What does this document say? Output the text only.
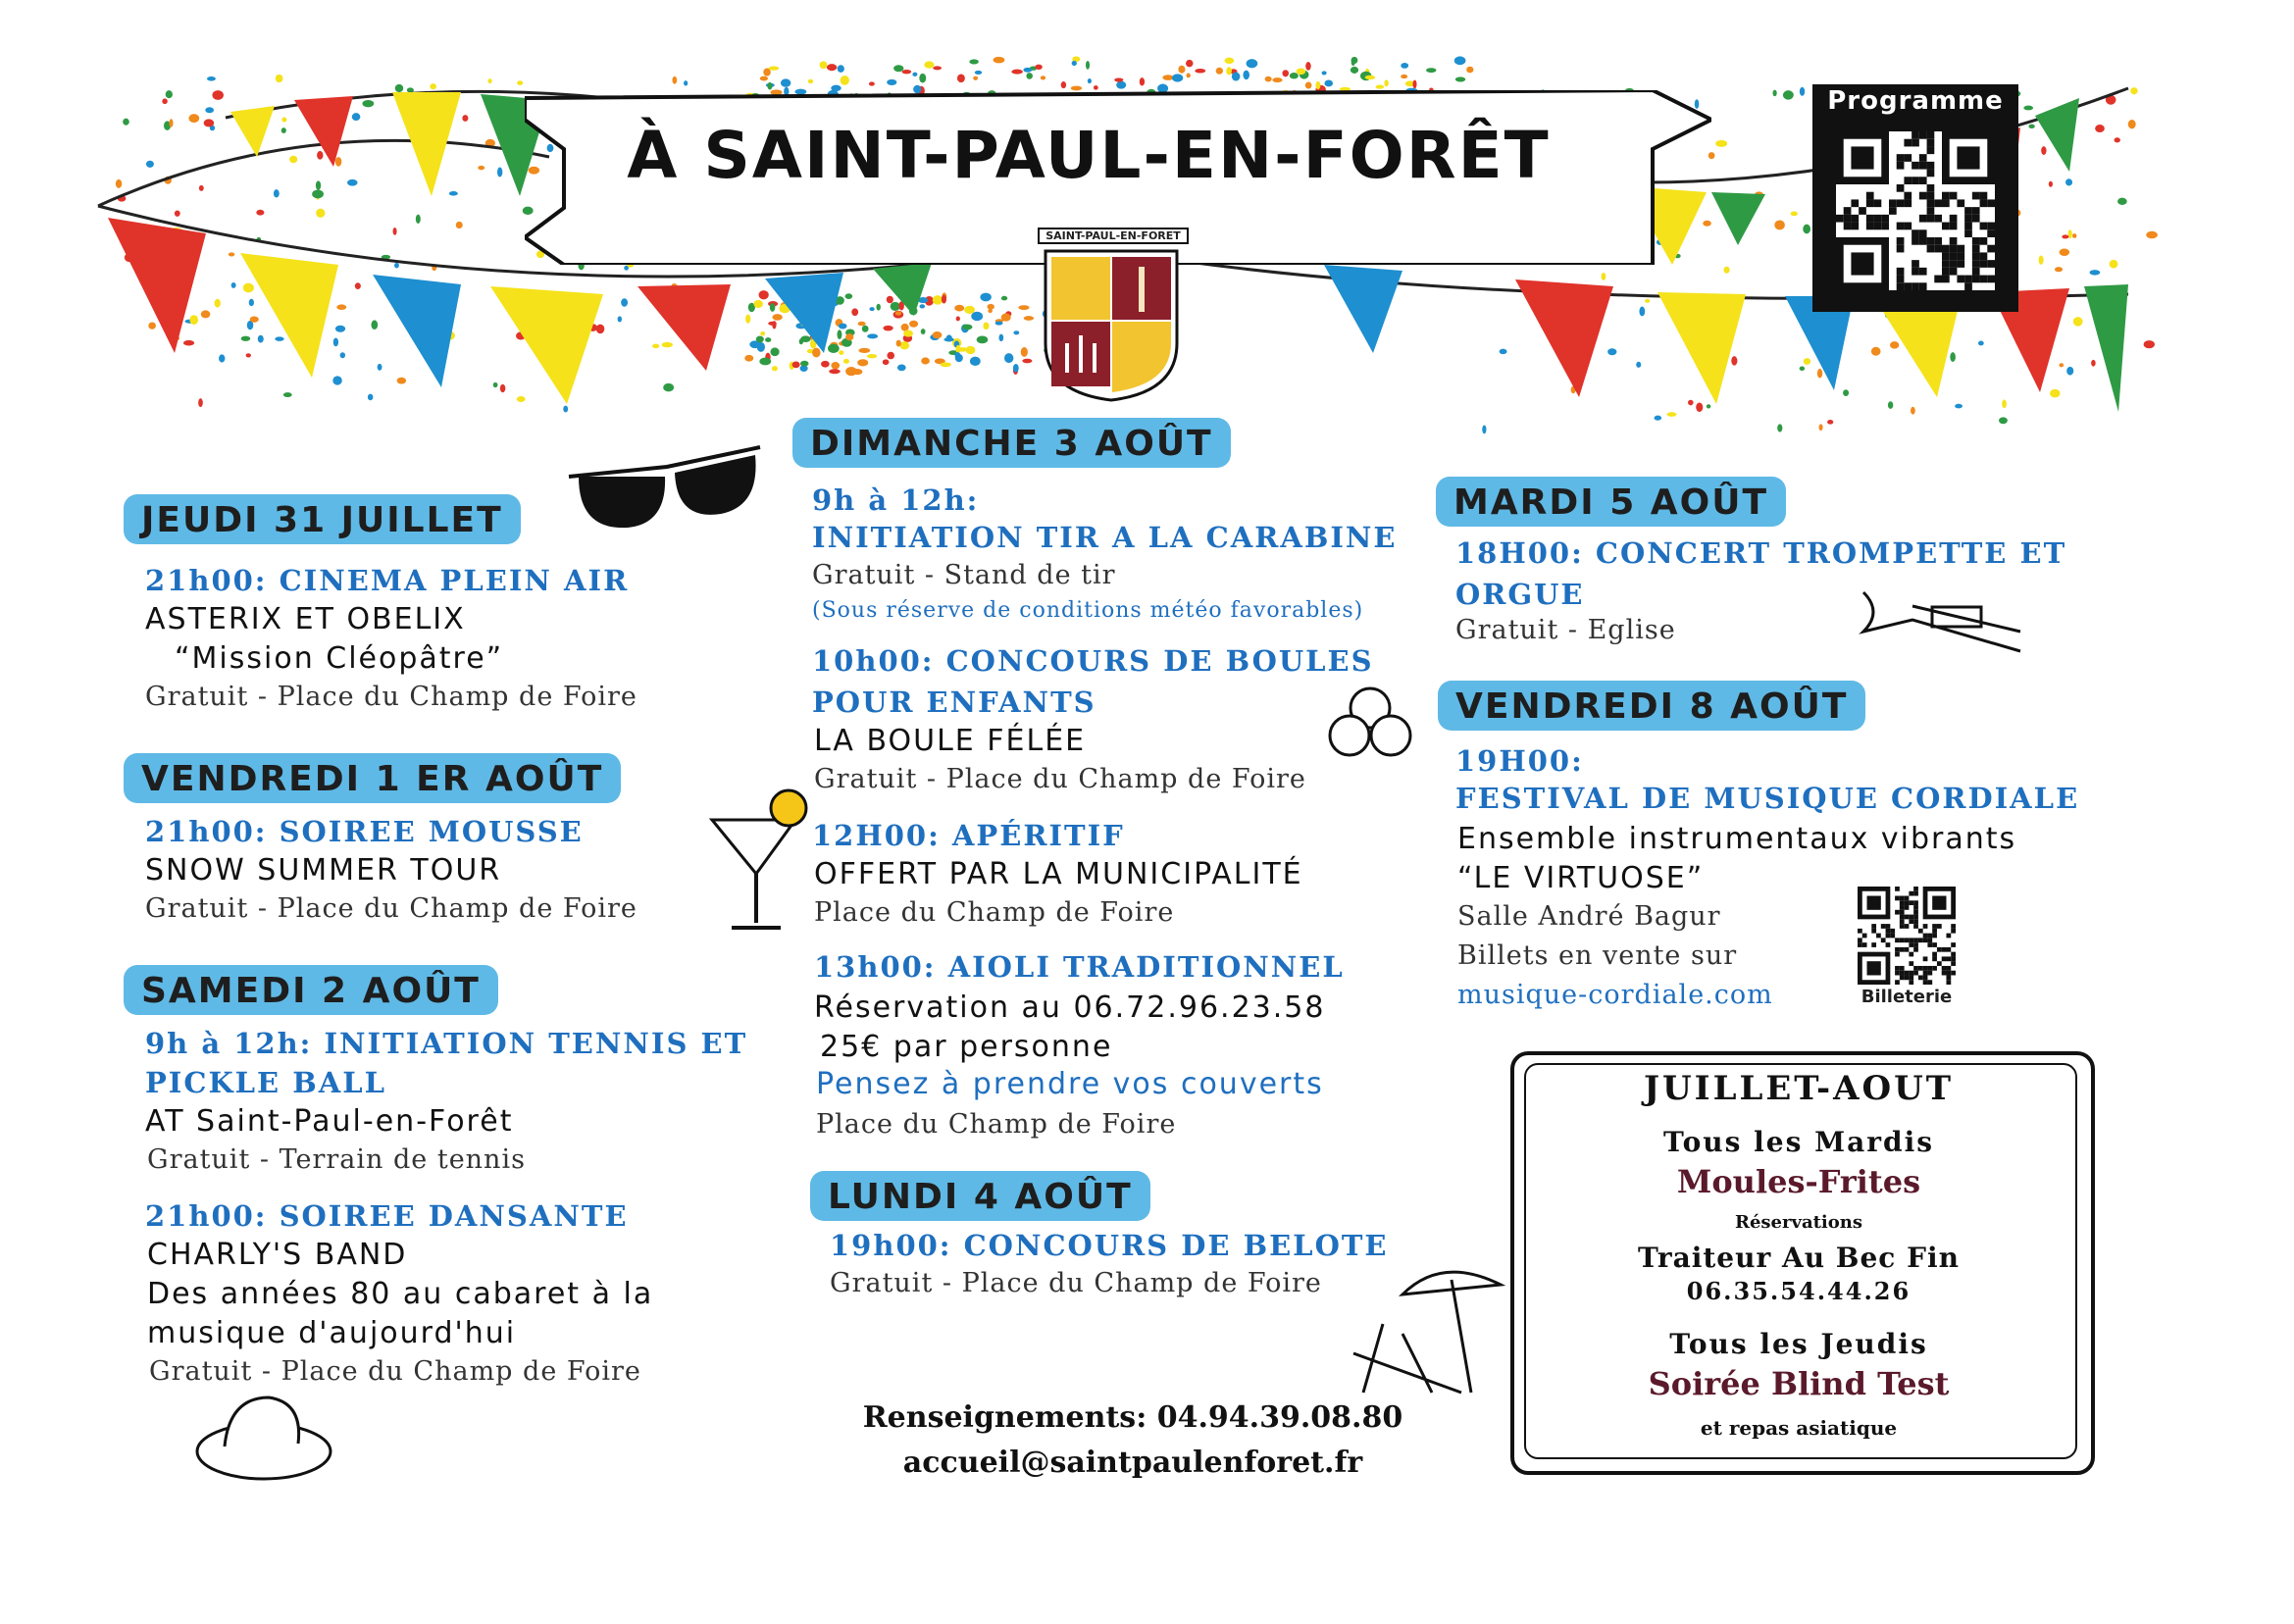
À SAINT-PAUL-EN-FORÊT
SAINT-PAUL-EN-FORET
Programme
JEUDI 31 JUILLET
21h00: CINEMA PLEIN AIR
ASTERIX ET OBELIX
“Mission Cléopâtre”
Gratuit - Place du Champ de Foire
VENDREDI 1 ER AOÛT
21h00: SOIREE MOUSSE
SNOW SUMMER TOUR
Gratuit - Place du Champ de Foire
SAMEDI 2 AOÛT
9h à 12h: INITIATION TENNIS ET
PICKLE BALL
AT Saint-Paul-en-Forêt
Gratuit - Terrain de tennis
21h00: SOIREE DANSANTE
CHARLY'S BAND
Des années 80 au cabaret à la
musique d'aujourd'hui
Gratuit - Place du Champ de Foire
DIMANCHE 3 AOÛT
9h à 12h:
INITIATION TIR A LA CARABINE
Gratuit - Stand de tir
(Sous réserve de conditions météo favorables)
10h00: CONCOURS DE BOULES
POUR ENFANTS
LA BOULE FÉLÉE
Gratuit - Place du Champ de Foire
12H00: APÉRITIF
OFFERT PAR LA MUNICIPALITÉ
Place du Champ de Foire
13h00: AIOLI TRADITIONNEL
Réservation au 06.72.96.23.58
25€ par personne
Pensez à prendre vos couverts
Place du Champ de Foire
LUNDI 4 AOÛT
19h00: CONCOURS DE BELOTE
Gratuit - Place du Champ de Foire
MARDI 5 AOÛT
18H00: CONCERT TROMPETTE ET
ORGUE
Gratuit - Eglise
VENDREDI 8 AOÛT
19H00:
FESTIVAL DE MUSIQUE CORDIALE
Ensemble instrumentaux vibrants
“LE VIRTUOSE”
Salle André Bagur
Billets en vente sur
musique-cordiale.com	Billeterie
JUILLET-AOUT
Tous les Mardis
Moules-Frites
Réservations
Traiteur Au Bec Fin
06.35.54.44.26
Tous les Jeudis
Soirée Blind Test
et repas asiatique
Renseignements: 04.94.39.08.80
accueil@saintpaulenforet.fr
